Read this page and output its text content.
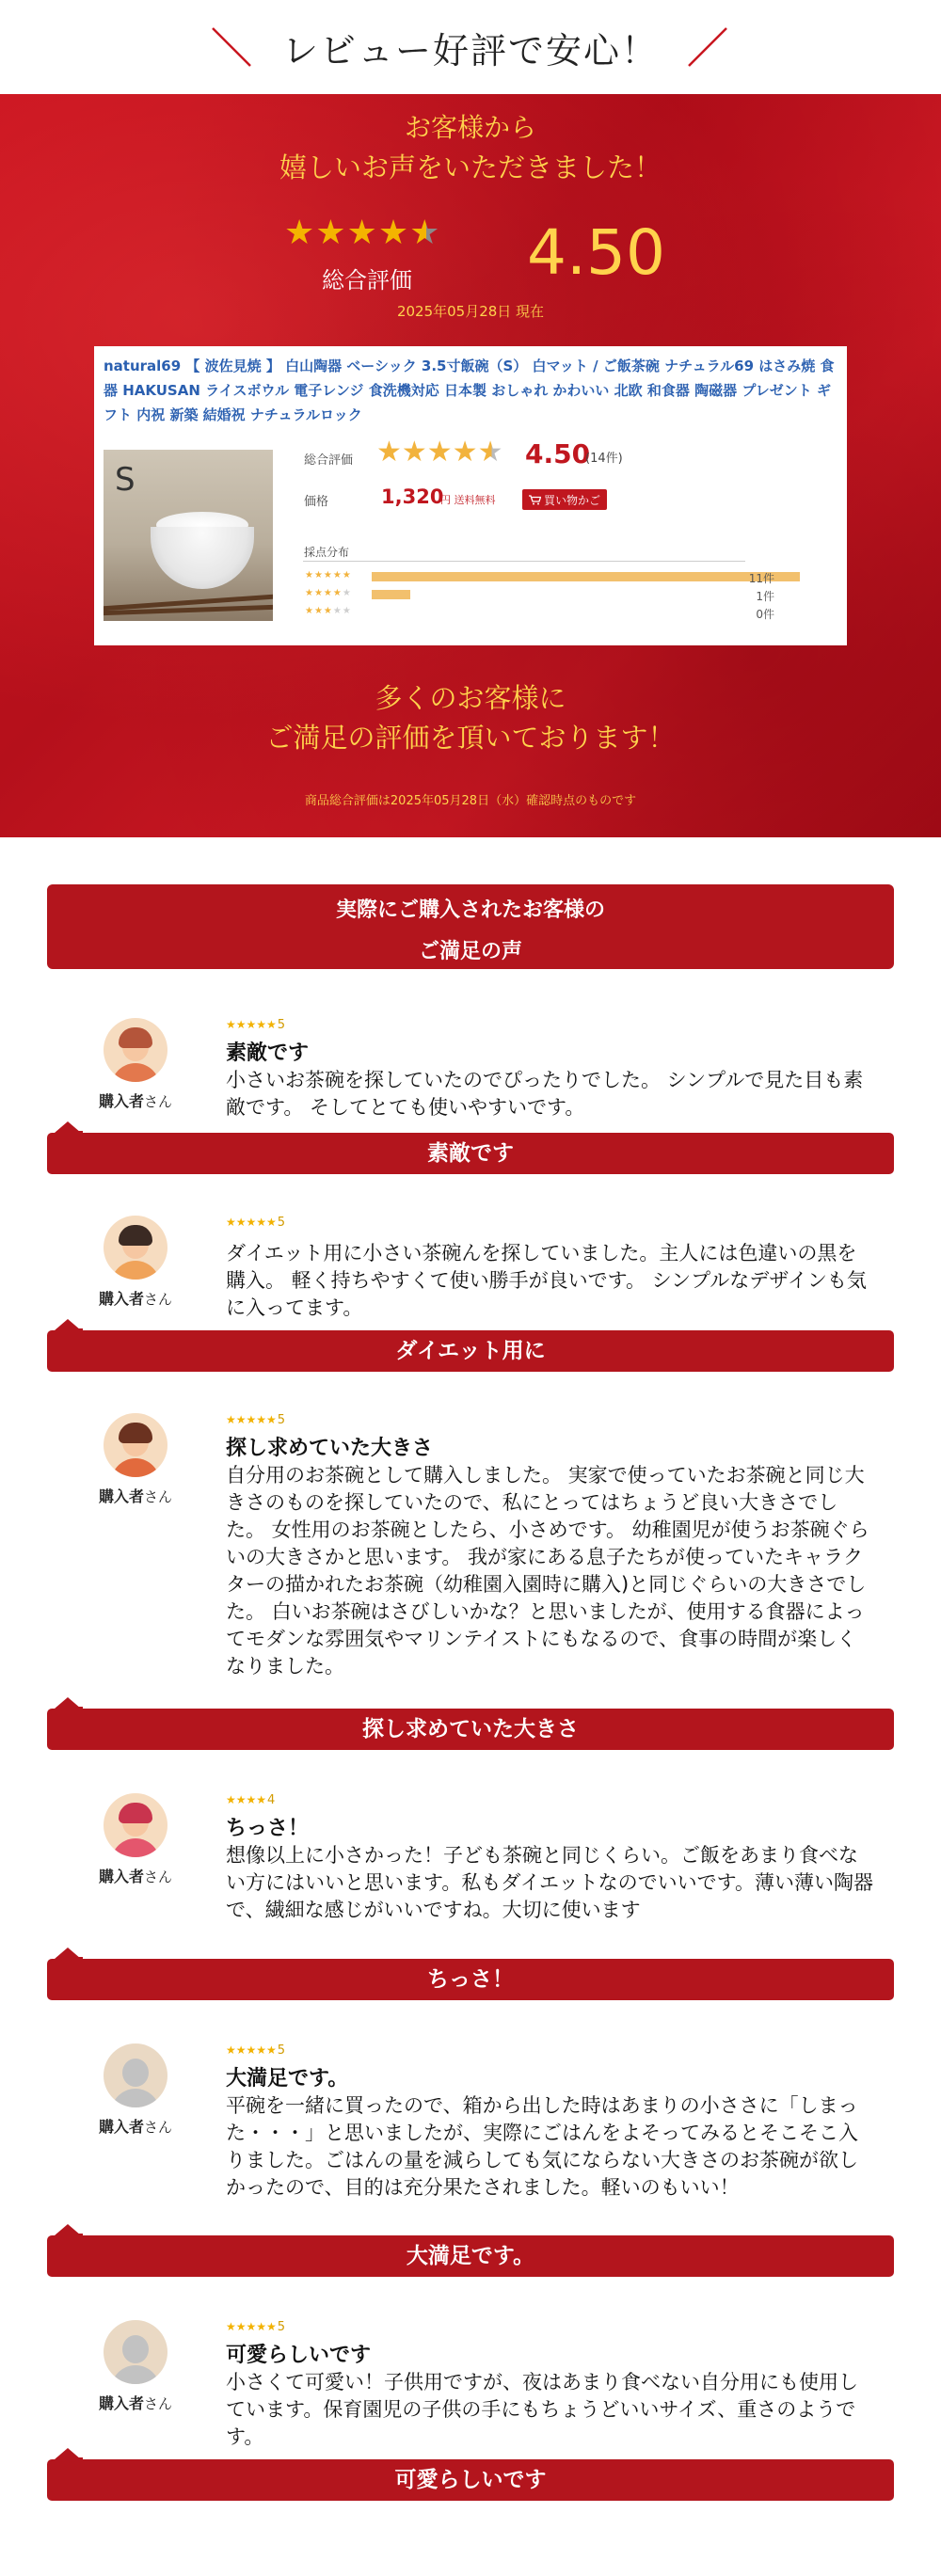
レビュー好評で安心！
お客様から
嬉しいお声をいただきました！
★★★★★
総合評価 4.50
2025年05月28日 現在
natural69 【 波佐見焼 】 白山陶器 ベーシック 3.5寸飯碗（S） 白マット / ご飯茶碗 ナチュラル69 はさみ焼 食器 HAKUSAN ライスボウル 電子レンジ 食洗機対応 日本製 おしゃれ かわいい 北欧 和食器 陶磁器 プレゼント ギフト 内祝 新築 結婚祝 ナチュラルロック
S
総合評価 ★★★★★ 4.50
(14件)
価格	1,320
円 送料無料	買い物かご
採点分布
★★★★★	11件
★★★★★	1件
★★★★★	0件
多くのお客様に
ご満足の評価を頂いております！
商品総合評価は2025年05月28日（水）確認時点のものです
実際にご購入されたお客様の
ご満足の声
購入者さん
★★★★★5
素敵です
小さいお茶碗を探していたのでぴったりでした。 シンプルで見た目も素敵です。 そしてとても使いやすいです。
素敵です
購入者さん
★★★★★5
ダイエット用に小さい茶碗んを探していました。主人には色違いの黒を購入。 軽く持ちやすくて使い勝手が良いです。 シンプルなデザインも気に入ってます。
ダイエット用に
購入者さん
★★★★★5
探し求めていた大きさ
自分用のお茶碗として購入しました。 実家で使っていたお茶碗と同じ大きさのものを探していたので、私にとってはちょうど良い大きさでした。 女性用のお茶碗としたら、小さめです。 幼稚園児が使うお茶碗ぐらいの大きさかと思います。 我が家にある息子たちが使っていたキャラクターの描かれたお茶碗（幼稚園入園時に購入)と同じぐらいの大きさでした。 白いお茶碗はさびしいかな？と思いましたが、使用する食器によってモダンな雰囲気やマリンテイストにもなるので、食事の時間が楽しくなりました。
探し求めていた大きさ
購入者さん
★★★★4
ちっさ！
想像以上に小さかった！子ども茶碗と同じくらい。ご飯をあまり食べない方にはいいと思います。私もダイエットなのでいいです。薄い薄い陶器で、繊細な感じがいいですね。大切に使います
ちっさ！
購入者さん
★★★★★5
大満足です。
平碗を一緒に買ったので、箱から出した時はあまりの小ささに「しまった・・・」と思いましたが、実際にごはんをよそってみるとそこそこ入りました。ごはんの量を減らしても気にならない大きさのお茶碗が欲しかったので、目的は充分果たされました。軽いのもいい！
大満足です。
購入者さん
★★★★★5
可愛らしいです
小さくて可愛い！子供用ですが、夜はあまり食べない自分用にも使用しています。保育園児の子供の手にもちょうどいいサイズ、重さのようです。
可愛らしいです
